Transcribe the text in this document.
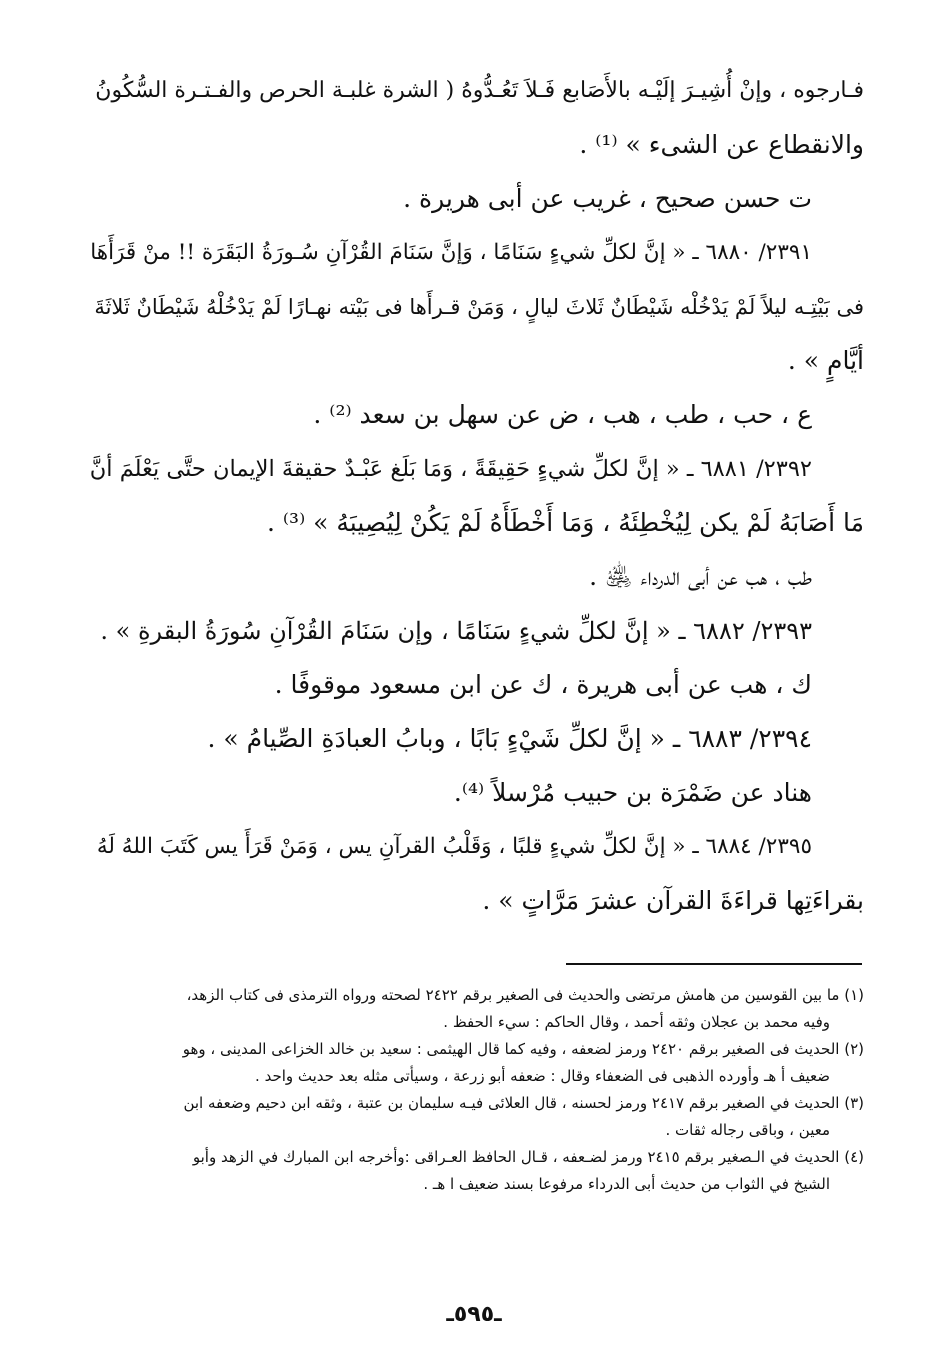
فـارجوه ، وإنْ أُشِيـرَ إلَيْـه بالأَصَابع فَـلاَ تَعُـدُّوهُ ( الشرة غلبـة الحرص والفـتـرة السُّكُونُ
والانقطاع عن الشىء » ⁽¹⁾ .
ت حسن صحيح ، غريب عن أبى هريرة .
٢٣٩١/ ٦٨٨٠ ـ « إنَّ لكلِّ شيءٍ سَنَامًا ، وَإنَّ سَنَامَ القُرْآنِ سُـورَةُ البَقَرَة !! منْ قَرَأَهَا
فى بَيْتِـه ليلاً لَمْ يَدْخُلْه شَيْطَانٌ ثَلاثَ ليالٍ ، وَمَنْ قـرأَها فى بَيْته نهـارًا لَمْ يَدْخُلْهُ شَيْطَانٌ ثَلاثَةَ
أيَّامٍ » .
ع ، حب ، طب ، هب ، ض عن سهل بن سعد ⁽²⁾ .
٢٣٩٢/ ٦٨٨١ ـ « إنَّ لكلِّ شيءٍ حَقِيقَةً ، وَمَا بَلَغ عَبْـدٌ حقيقةَ الإيمان حتَّى يَعْلَمَ أنَّ
مَا أَصَابَهُ لَمْ يكن لِيُخْطِئَهُ ، وَمَا أَخْطَأَهُ لَمْ يَكُنْ لِيُصِيبَهُ » ⁽³⁾ .
طب ، هب عن أبى الدرداء ﵁ .
٢٣٩٣/ ٦٨٨٢ ـ « إنَّ لكلِّ شيءٍ سَنَامًا ، وإن سَنَامَ القُرْآنِ سُورَةُ البقرةِ » .
ك ، هب عن أبى هريرة ، ك عن ابن مسعود موقوفًا .
٢٣٩٤/ ٦٨٨٣ ـ « إنَّ لكلِّ شَيْءٍ بَابًا ، وبابُ العبادَةِ الصِّيامُ » .
هناد عن ضَمْرَة بن حبيب مُرْسلاً ⁽⁴⁾.
٢٣٩٥/ ٦٨٨٤ ـ « إنَّ لكلِّ شيءٍ قلبًا ، وَقَلْبُ القرآنِ يس ، وَمَنْ قَرَأَ يس كَتَبَ اللهُ لَهُ
بقراءَتِها قراءَةَ القرآن عشرَ مَرَّاتٍ » .
(١) ما بين القوسين من هامش مرتضى والحديث فى الصغير برقم ٢٤٢٢ لصحته ورواه الترمذى فى كتاب الزهد،
وفيه محمد بن عجلان وثقه أحمد ، وقال الحاكم : سيء الحفظ .
(٢) الحديث فى الصغير برقم ٢٤٢٠ ورمز لضعفه ، وفيه كما قال الهيثمى : سعيد بن خالد الخزاعى المدينى ، وهو
ضعيف أ هـ وأورده الذهبى فى الضعفاء وقال : ضعفه أبو زرعة ، وسيأتى مثله بعد حديث واحد .
(٣) الحديث في الصغير برقم ٢٤١٧ ورمز لحسنه ، قال العلائى فيـه سليمان بن عتبة ، وثقه ابن دحيم وضعفه ابن
معين ، وباقى رجاله ثقات .
(٤) الحديث في الـصغير برقم ٢٤١٥ ورمز لضـعفه ، قـال الحافظ العـراقى :وأخرجه ابن المبارك في الزهد وأبو
الشيخ في الثواب من حديث أبى الدرداء مرفوعا بسند ضعيف ا هـ .
ـ٥٩٥ـ
